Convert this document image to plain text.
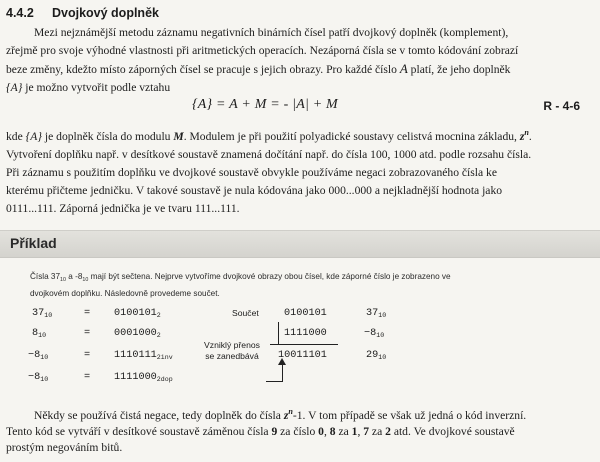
4.4.2 Dvojkový doplněk

Mezi nejznámější metodu záznamu negativních binárních čísel patří dvojkový doplněk (komplement),

zřejmě pro svoje výhodné vlastnosti při aritmetických operacích. Nezáporná čísla se v tomto kódování zobrazí

beze změny, kdežto místo záporných čísel se pracuje s jejich obrazy. Pro každé číslo A platí, že jeho doplněk

{A} je možno vytvořit podle vztahu

{A} = A + M = - |A| + M	R - 4-6

kde {A} je doplněk čísla do modulu M. Modulem je při použití polyadické soustavy celistvá mocnina základu, $z^n$.

Vytvoření doplňku např. v desítkové soustavě znamená dočítání např. do čísla 100, 1000 atd. podle rozsahu čísla.

Při záznamu s použitím doplňku ve dvojkové soustavě obvykle používáme negaci zobrazovaného čísla ke

kterému přičteme jedničku. V takové soustavě je nula kódována jako 000...000 a nejkladnější hodnota jako

0111...111. Záporná jednička je ve tvaru 111...111.

Příklad

Čísla $37_{10}$ a $-8_{10}$ mají být sečtena. Nejprve vytvoříme dvojkové obrazy obou čísel, kde záporné číslo je zobrazeno ve

dvojkovém doplňku. Následovně provedeme součet.

$37_{10}$	= $0100101_2$
$8_{10}$	= $0001000_2$
$-8_{10}$	= $1110111_{2inv}$
$-8_{10}$	= $1111000_{2dop}$
Součet 0100101	$37_{10}$
1111000	$-8_{10}$
10011101	$29_{10}$
Vzniklý přenos
se zanedbává

Někdy se používá čistá negace, tedy doplněk do čísla $z^n-1$. V tom případě se však už jedná o kód inverzní.

Tento kód se vytváří v desítkové soustavě záměnou čísla 9 za číslo 0, 8 za 1, 7 za 2 atd. Ve dvojkové soustavě

prostým negováním bitů.
